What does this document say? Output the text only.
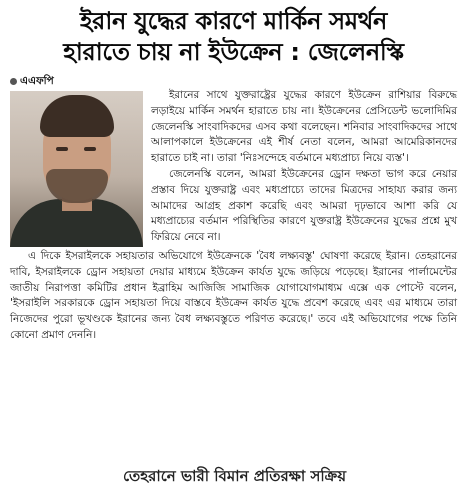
ইরান যুদ্ধের কারণে মার্কিন সমর্থন
হারাতে চায় না ইউক্রেন : জেলেনস্কি
এএফপি

ইরানের সাথে যুক্তরাষ্ট্রের যুদ্ধের কারণে ইউক্রেন রাশিয়ার বিরুদ্ধে লড়াইয়ে মার্কিন সমর্থন হারাতে চায় না। ইউক্রেনের প্রেসিডেন্ট ভলোদিমির জেলেনস্কি সাংবাদিকদের এসব কথা বলেছেন। শনিবার সাংবাদিকদের সাথে আলাপকালে ইউক্রেনের এই শীর্ষ নেতা বলেন, আমরা আমেরিকানদের হারাতে চাই না। তারা 'নিঃসন্দেহে বর্তমানে মধ্যপ্রাচ্য নিয়ে ব্যস্ত'।

জেলেনস্কি বলেন, আমরা ইউক্রেনের ড্রোন দক্ষতা ভাগ করে নেয়ার প্রস্তাব দিয়ে যুক্তরাষ্ট্র এবং মধ্যপ্রাচ্যে তাদের মিত্রদের সাহায্য করার জন্য আমাদের আগ্রহ প্রকাশ করেছি এবং আমরা দৃঢ়ভাবে আশা করি যে মধ্যপ্রাচ্যের বর্তমান পরিস্থিতির কারণে যুক্তরাষ্ট্র ইউক্রেনের যুদ্ধের প্রশ্নে মুখ ফিরিয়ে নেবে না।

এ দিকে ইসরাইলকে সহায়তার অভিযোগে ইউক্রেনকে 'বৈধ লক্ষ্যবস্তু' ঘোষণা করেছে ইরান। তেহরানের দাবি, ইসরাইলকে ড্রোন সহায়তা দেয়ার মাধ্যমে ইউক্রেন কার্যত যুদ্ধে জড়িয়ে পড়েছে। ইরানের পার্লামেন্টের জাতীয় নিরাপত্তা কমিটির প্রধান ইব্রাহিম আজিজি সামাজিক যোগাযোগমাধ্যম এক্সে এক পোস্টে বলেন, 'ইসরাইলি সরকারকে ড্রোন সহায়তা দিয়ে বাস্তবে ইউক্রেন কার্যত যুদ্ধে প্রবেশ করেছে এবং এর মাধ্যমে তারা নিজেদের পুরো ভূখণ্ডকে ইরানের জন্য বৈধ লক্ষ্যবস্তুতে পরিণত করেছে।' তবে এই অভিযোগের পক্ষে তিনি কোনো প্রমাণ দেননি।

তেহরানে ভারী বিমান প্রতিরক্ষা সক্রিয়
